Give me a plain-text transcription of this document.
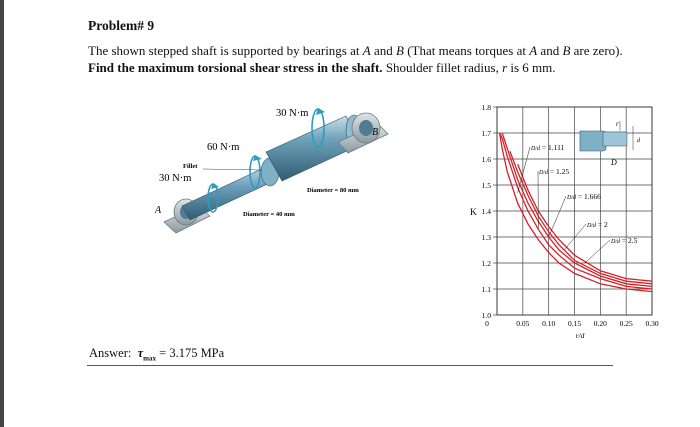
Problem# 9
The shown stepped shaft is supported by bearings at A and B (That means torques at A and B are zero). Find the maximum torsional shear stress in the shaft. Shoulder fillet radius, r is 6 mm.
30 N·m
60 N·m
Fillet
30 N·m
Diameter = 80 mm
Diameter = 40 mm
A
B
1.0
1.1
1.2
1.3
1.4
1.5
1.6
1.7
1.8
0	0.05 0.10 0.15 0.20 0.25 0.30
D/d = 1.111
D/d = 1.25
D/d = 1.666
D/d = 2
D/d = 2.5
K
r/d
r
d
D
Answer: $\tau_{max} = 3.175$ MPa
